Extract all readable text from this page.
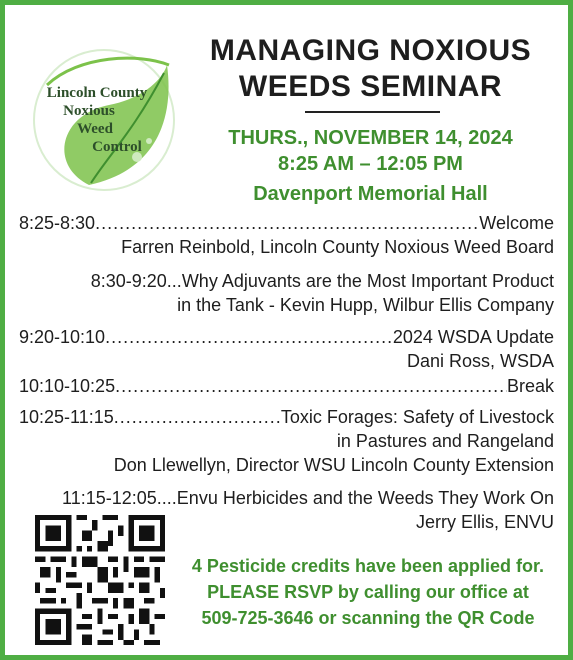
Lincoln County
Noxious
Weed
Control
MANAGING NOXIOUS
WEEDS SEMINAR
THURS., NOVEMBER 14, 2024
8:25 AM – 12:05 PM
Davenport Memorial Hall
8:25-8:30 .....	Welcome
Farren Reinbold, Lincoln County Noxious Weed Board
8:30-9:20...Why Adjuvants are the Most Important Product
in the Tank - Kevin Hupp, Wilbur Ellis Company
9:20-10:10 .....	2024 WSDA Update
Dani Ross, WSDA
10:10-10:25 .....	Break
10:25-11:15 .....	Toxic Forages: Safety of Livestock
in Pastures and Rangeland
Don Llewellyn, Director WSU Lincoln County Extension
11:15-12:05....Envu Herbicides and the Weeds They Work On
Jerry Ellis, ENVU
4 Pesticide credits have been applied for.
PLEASE RSVP by calling our office at
509-725-3646 or scanning the QR Code
